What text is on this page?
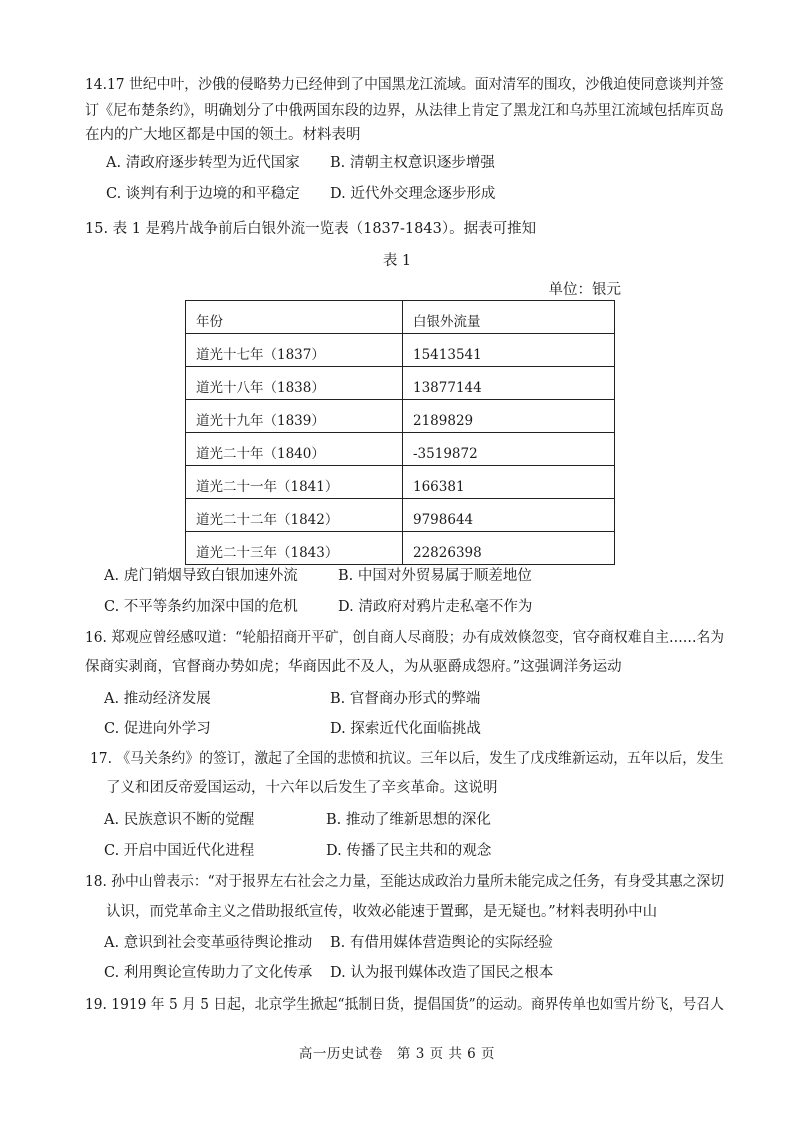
14.17 世纪中叶，沙俄的侵略势力已经伸到了中国黑龙江流域。面对清军的围攻，沙俄迫使同意谈判并签
订《尼布楚条约》，明确划分了中俄两国东段的边界，从法律上肯定了黑龙江和乌苏里江流域包括库页岛
在内的广大地区都是中国的领土。材料表明
A. 清政府逐步转型为近代国家 B. 清朝主权意识逐步增强
C. 谈判有利于边境的和平稳定 D. 近代外交理念逐步形成
15. 表 1 是鸦片战争前后白银外流一览表（1837-1843）。据表可推知
表 1
单位：银元
年份	白银外流量
道光十七年（1837）	15413541
道光十八年（1838）	13877144
道光十九年（1839）	2189829
道光二十年（1840）	-3519872
道光二十一年（1841）	166381
道光二十二年（1842）	9798644
道光二十三年（1843）	22826398
A. 虎门销烟导致白银加速外流	B. 中国对外贸易属于顺差地位
C. 不平等条约加深中国的危机	D. 清政府对鸦片走私毫不作为
16. 郑观应曾经感叹道：“轮船招商开平矿，创自商人尽商股；办有成效倏忽变，官夺商权难自主……名为
保商实剥商，官督商办势如虎；华商因此不及人，为从驱爵成怨府。”这强调洋务运动
A. 推动经济发展	B. 官督商办形式的弊端
C. 促进向外学习	D. 探索近代化面临挑战
17. 《马关条约》的签订，激起了全国的悲愤和抗议。三年以后，发生了戊戌维新运动，五年以后，发生
了义和团反帝爱国运动，十六年以后发生了辛亥革命。这说明
A. 民族意识不断的觉醒	B. 推动了维新思想的深化
C. 开启中国近代化进程	D. 传播了民主共和的观念
18. 孙中山曾表示：“对于报界左右社会之力量，至能达成政治力量所未能完成之任务，有身受其惠之深切
认识，而党革命主义之借助报纸宣传，收效必能速于置郵，是无疑也。”材料表明孙中山
A. 意识到社会变革亟待舆论推动 B. 有借用媒体营造舆论的实际经验
C. 利用舆论宣传助力了文化传承 D. 认为报刊媒体改造了国民之根本
19. 1919 年 5 月 5 日起，北京学生掀起“抵制日货，提倡国货”的运动。商界传单也如雪片纷飞，号召人
高一历史试卷　第 3 页 共 6 页
